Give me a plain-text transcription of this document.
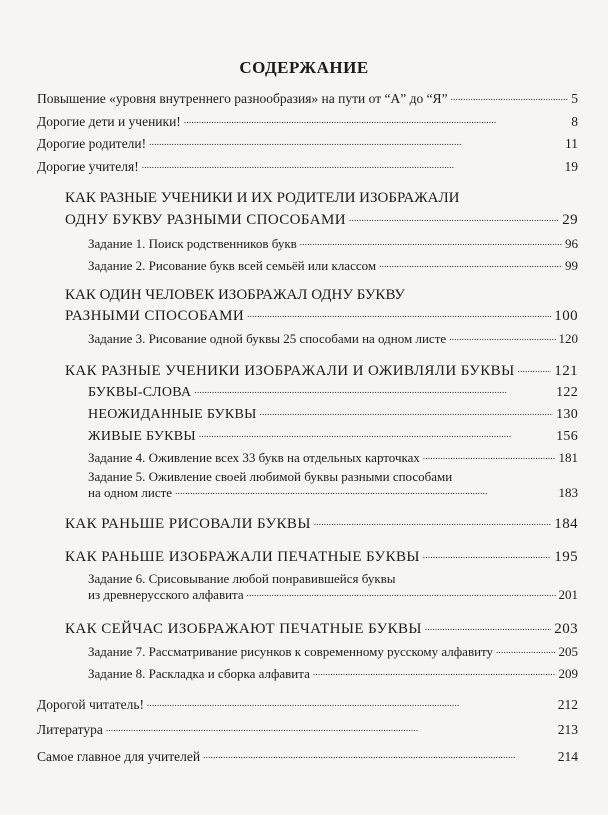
СОДЕРЖАНИЕ
Повышение «уровня внутреннего разнообразия» на пути от “А” до “Я” . . .	5
Дорогие дети и ученики! . . .	8
Дорогие родители! . . .	11
Дорогие учителя! . . .	19
КАК РАЗНЫЕ УЧЕНИКИ И ИХ РОДИТЕЛИ ИЗОБРАЖАЛИ
ОДНУ БУКВУ РАЗНЫМИ СПОСОБАМИ . . .	29
Задание 1. Поиск родственников букв . . .	96
Задание 2. Рисование букв всей семьёй или классом . . .	99
КАК ОДИН ЧЕЛОВЕК ИЗОБРАЖАЛ ОДНУ БУКВУ
РАЗНЫМИ СПОСОБАМИ . . .	100
Задание 3. Рисование одной буквы 25 способами на одном листе . . .	120
КАК РАЗНЫЕ УЧЕНИКИ ИЗОБРАЖАЛИ И ОЖИВЛЯЛИ БУКВЫ . . .	121
БУКВЫ-СЛОВА . . .	122
НЕОЖИДАННЫЕ БУКВЫ . . .	130
ЖИВЫЕ БУКВЫ . . .	156
Задание 4. Оживление всех 33 букв на отдельных карточках . . .	181
Задание 5. Оживление своей любимой буквы разными способами
на одном листе . . .	183
КАК РАНЬШЕ РИСОВАЛИ БУКВЫ . . .	184
КАК РАНЬШЕ ИЗОБРАЖАЛИ ПЕЧАТНЫЕ БУКВЫ . . .	195
Задание 6. Срисовывание любой понравившейся буквы
из древнерусского алфавита . . .	201
КАК СЕЙЧАС ИЗОБРАЖАЮТ ПЕЧАТНЫЕ БУКВЫ . . .	203
Задание 7. Рассматривание рисунков к современному русскому алфавиту . . .	205
Задание 8. Раскладка и сборка алфавита . . .	209
Дорогой читатель! . . .	212
Литература . . .	213
Самое главное для учителей . . .	214
